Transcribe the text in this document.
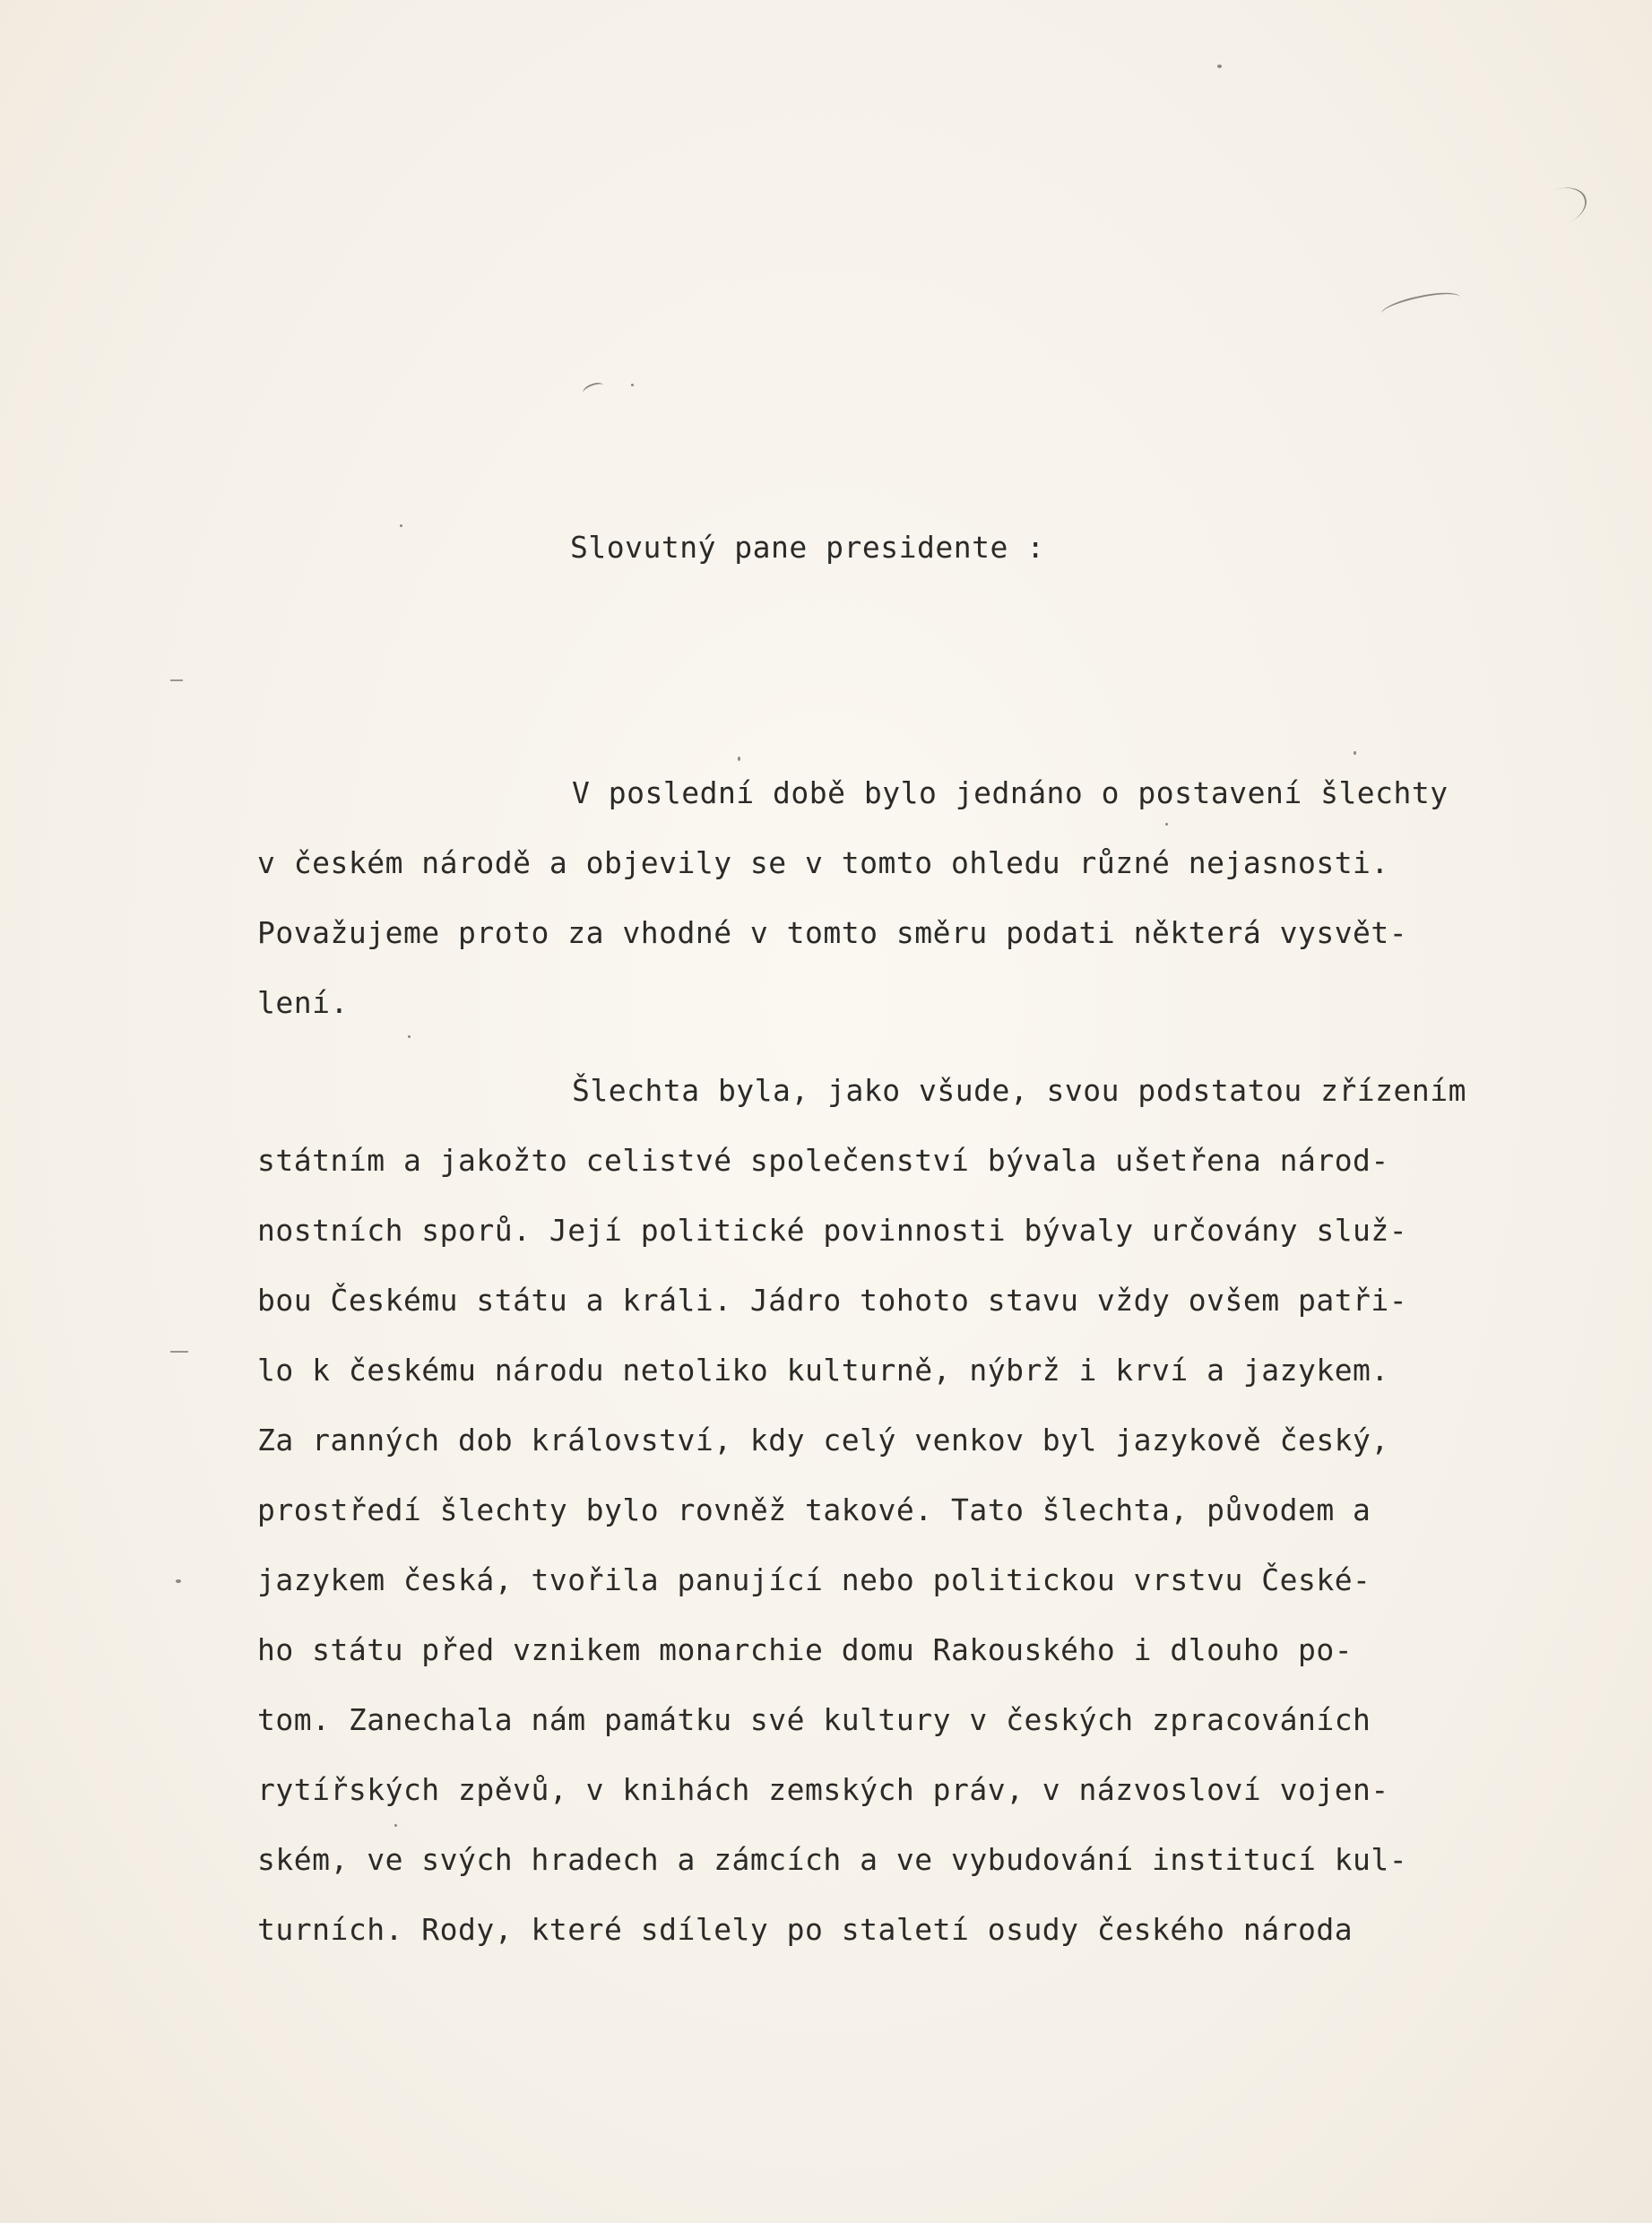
Slovutný pane presidente :
V poslední době bylo jednáno o postavení šlechty
v českém národě a objevily se v tomto ohledu různé nejasnosti.
Považujeme proto za vhodné v tomto směru podati některá vysvět-
lení.
Šlechta byla, jako všude, svou podstatou zřízením
státním a jakožto celistvé společenství bývala ušetřena národ-
nostních sporů. Její politické povinnosti bývaly určovány služ-
bou Českému státu a králi. Jádro tohoto stavu vždy ovšem patři-
lo k českému národu netoliko kulturně, nýbrž i krví a jazykem.
Za ranných dob království, kdy celý venkov byl jazykově český,
prostředí šlechty bylo rovněž takové. Tato šlechta, původem a
jazykem česká, tvořila panující nebo politickou vrstvu České-
ho státu před vznikem monarchie domu Rakouského i dlouho po-
tom. Zanechala nám památku své kultury v českých zpracováních
rytířských zpěvů, v knihách zemských práv, v názvosloví vojen-
ském, ve svých hradech a zámcích a ve vybudování institucí kul-
turních. Rody, které sdílely po staletí osudy českého národa
